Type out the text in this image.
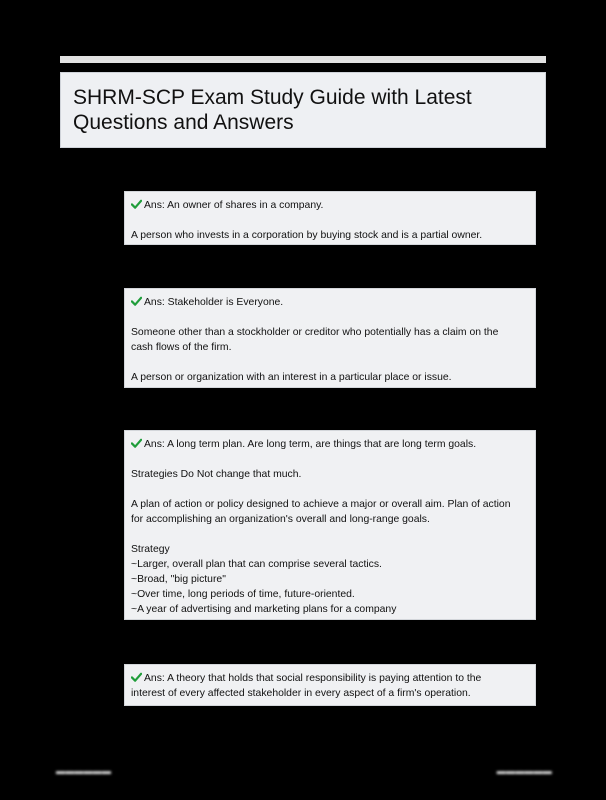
SHRM-SCP Exam Study Guide with Latest Questions and Answers
Ans: An owner of shares in a company.
A person who invests in a corporation by buying stock and is a partial owner.
Ans: Stakeholder is Everyone.
Someone other than a stockholder or creditor who potentially has a claim on the
cash flows of the firm.
A person or organization with an interest in a particular place or issue.
Ans: A long term plan. Are long term, are things that are long term goals.
Strategies Do Not change that much.
A plan of action or policy designed to achieve a major or overall aim. Plan of action
for accomplishing an organization's overall and long-range goals.
Strategy
~Larger, overall plan that can comprise several tactics.
~Broad, "big picture"
~Over time, long periods of time, future-oriented.
~A year of advertising and marketing plans for a company
Ans: A theory that holds that social responsibility is paying attention to the
interest of every affected stakeholder in every aspect of a firm's operation.
▬▬▬▬▬▬	▬▬▬▬▬▬
